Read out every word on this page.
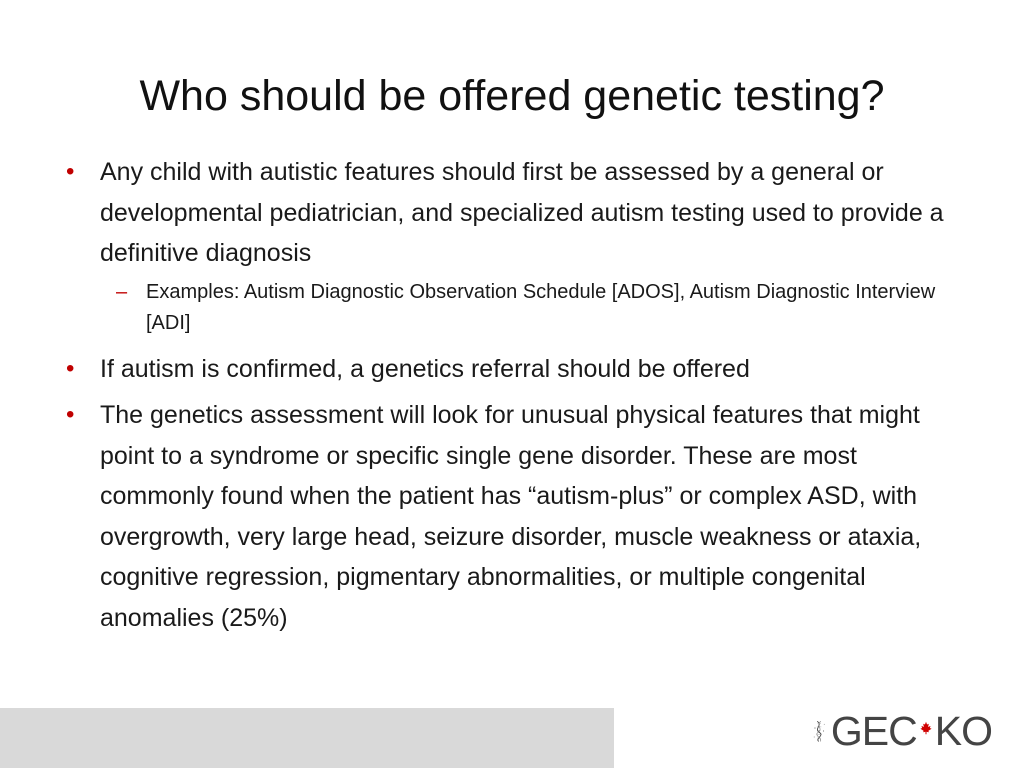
Who should be offered genetic testing?
• Any child with autistic features should first be assessed by a general or developmental pediatrician, and specialized autism testing used to provide a definitive diagnosis
– Examples: Autism Diagnostic Observation Schedule [ADOS], Autism Diagnostic Interview [ADI]
• If autism is confirmed, a genetics referral should be offered
• The genetics assessment will look for unusual physical features that might point to a syndrome or specific single gene disorder. These are most commonly found when the patient has “autism-plus” or complex ASD, with overgrowth, very large head, seizure disorder, muscle weakness or ataxia, cognitive regression, pigmentary abnormalities, or multiple congenital anomalies (25%)
GEC KO
